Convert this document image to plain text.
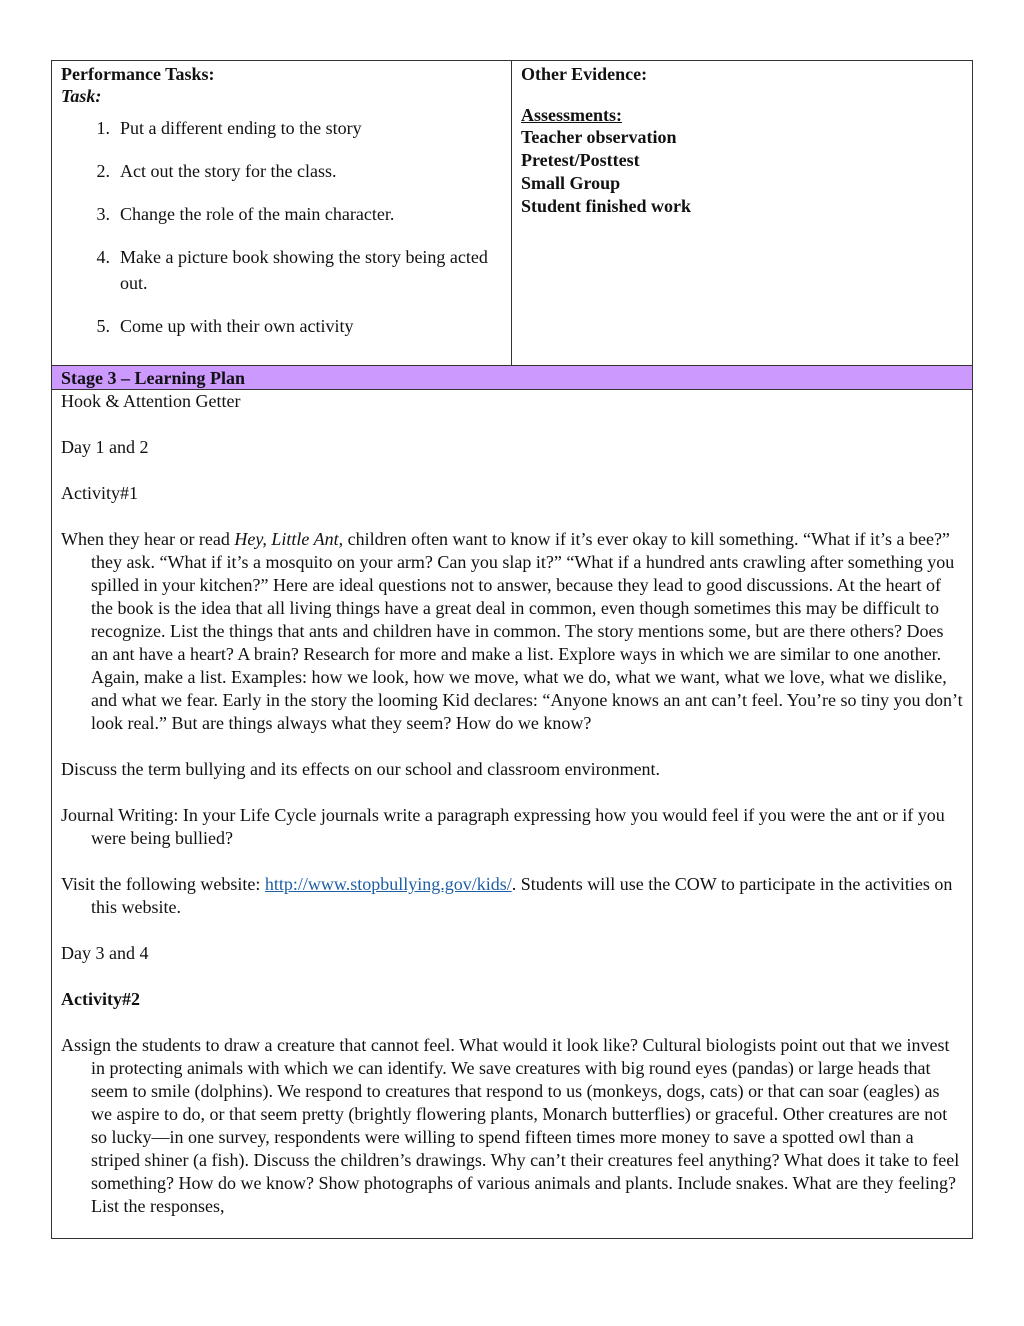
Performance Tasks:
Task:
1. Put a different ending to the story
2. Act out the story for the class.
3. Change the role of the main character.
4. Make a picture book showing the story being acted out.
5. Come up with their own activity
Other Evidence:
Assessments:
Teacher observation
Pretest/Posttest
Small Group
Student finished work
Stage 3 – Learning Plan

Hook & Attention Getter

Day 1 and 2

Activity#1

When they hear or read Hey, Little Ant, children often want to know if it’s ever okay to kill something. “What if it’s a bee?” they ask. “What if it’s a mosquito on your arm? Can you slap it?” “What if a hundred ants crawling after something you spilled in your kitchen?” Here are ideal questions not to answer, because they lead to good discussions. At the heart of the book is the idea that all living things have a great deal in common, even though sometimes this may be difficult to recognize. List the things that ants and children have in common. The story mentions some, but are there others? Does an ant have a heart? A brain? Research for more and make a list. Explore ways in which we are similar to one another. Again, make a list. Examples: how we look, how we move, what we do, what we want, what we love, what we dislike, and what we fear. Early in the story the looming Kid declares: “Anyone knows an ant can’t feel. You’re so tiny you don’t look real.” But are things always what they seem? How do we know?

Discuss the term bullying and its effects on our school and classroom environment.

Journal Writing: In your Life Cycle journals write a paragraph expressing how you would feel if you were the ant or if you were being bullied?

Visit the following website: http://www.stopbullying.gov/kids/. Students will use the COW to participate in the activities on this website.

Day 3 and 4

Activity#2

Assign the students to draw a creature that cannot feel. What would it look like? Cultural biologists point out that we invest in protecting animals with which we can identify. We save creatures with big round eyes (pandas) or large heads that seem to smile (dolphins). We respond to creatures that respond to us (monkeys, dogs, cats) or that can soar (eagles) as we aspire to do, or that seem pretty (brightly flowering plants, Monarch butterflies) or graceful. Other creatures are not so lucky—in one survey, respondents were willing to spend fifteen times more money to save a spotted owl than a striped shiner (a fish). Discuss the children’s drawings. Why can’t their creatures feel anything? What does it take to feel something? How do we know? Show photographs of various animals and plants. Include snakes. What are they feeling? List the responses,
